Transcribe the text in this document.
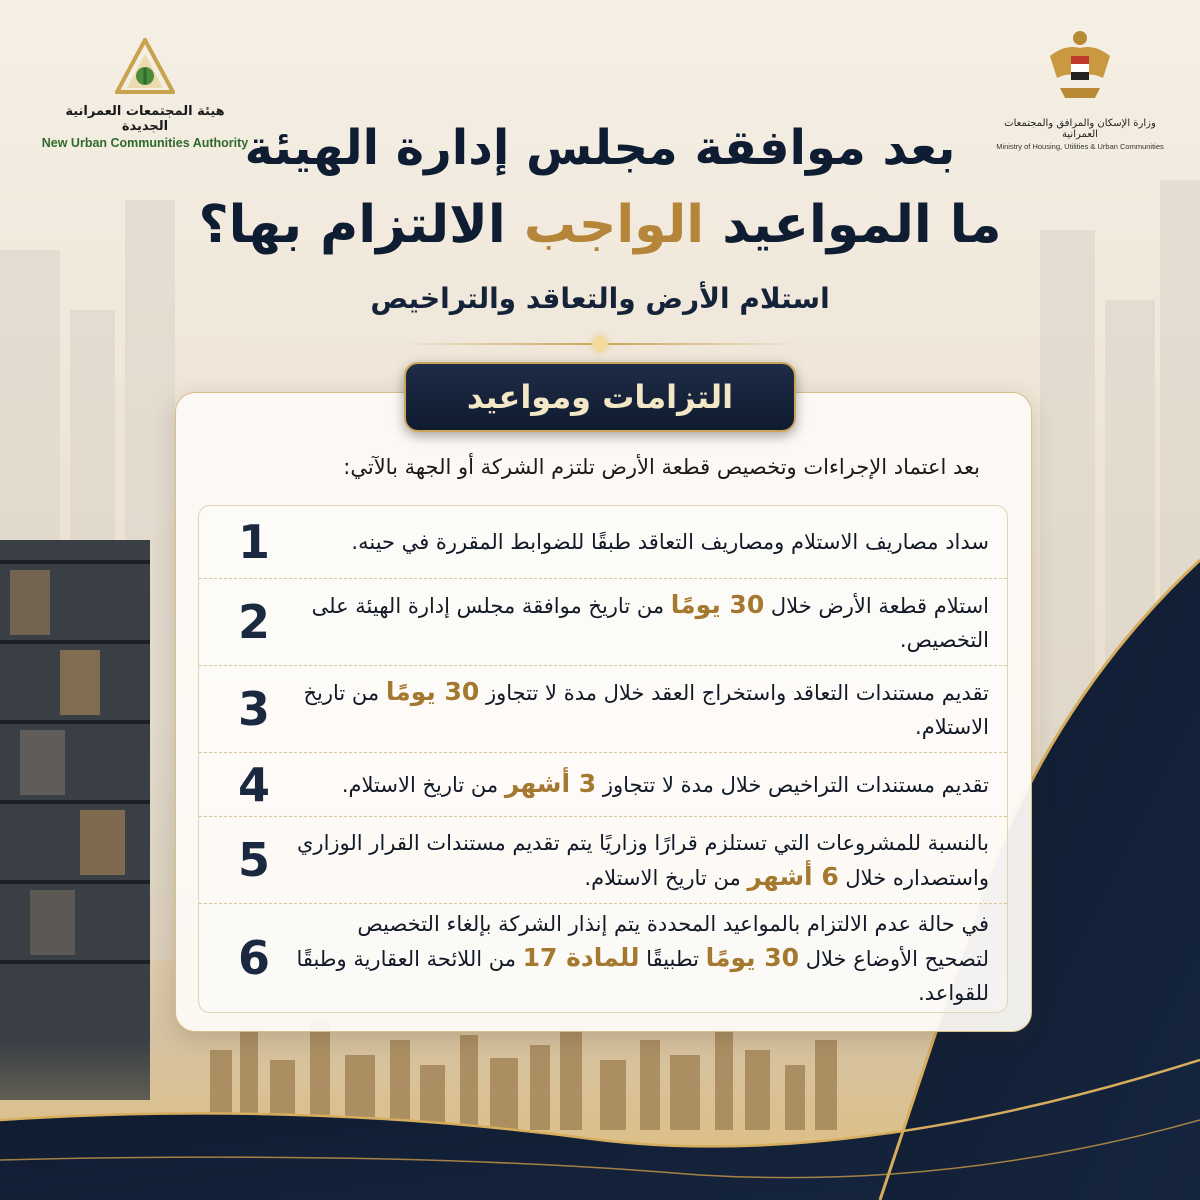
هيئة المجتمعات العمرانية الجديدة
New Urban Communities Authority
وزارة الإسكان والمرافق والمجتمعات العمرانية
Ministry of Housing, Utilities & Urban Communities
بعد موافقة مجلس إدارة الهيئة
ما المواعيد الواجب الالتزام بها؟
استلام الأرض والتعاقد والتراخيص
التزامات ومواعيد
بعد اعتماد الإجراءات وتخصيص قطعة الأرض تلتزم الشركة أو الجهة بالآتي:
1	سداد مصاريف الاستلام ومصاريف التعاقد طبقًا للضوابط المقررة في حينه.
2	استلام قطعة الأرض خلال 30 يومًا من تاريخ موافقة مجلس إدارة الهيئة على التخصيص.
3	تقديم مستندات التعاقد واستخراج العقد خلال مدة لا تتجاوز 30 يومًا من تاريخ الاستلام.
4	تقديم مستندات التراخيص خلال مدة لا تتجاوز 3 أشهر من تاريخ الاستلام.
5	بالنسبة للمشروعات التي تستلزم قرارًا وزاريًا يتم تقديم مستندات القرار الوزاري واستصداره خلال 6 أشهر من تاريخ الاستلام.
6
في حالة عدم الالتزام بالمواعيد المحددة يتم إنذار الشركة بإلغاء التخصيص لتصحيح الأوضاع خلال 30 يومًا تطبيقًا للمادة 17 من اللائحة العقارية وطبقًا للقواعد.
